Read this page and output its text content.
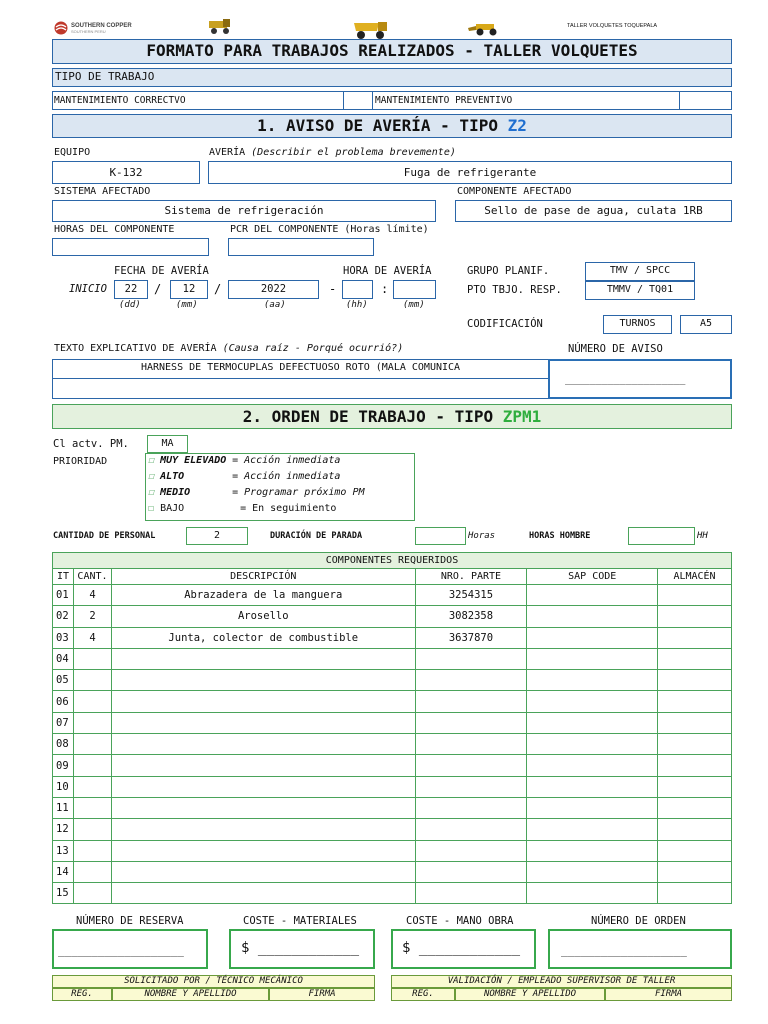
SOUTHERN COPPER
SOUTHERN PERU
TALLER VOLQUETES TOQUEPALA
FORMATO PARA TRABAJOS REALIZADOS - TALLER VOLQUETES
TIPO DE TRABAJO
MANTENIMIENTO CORRECTVO	MANTENIMIENTO PREVENTIVO
1. AVISO DE AVERÍA - TIPO Z2
EQUIPO	AVERÍA (Describir el problema brevemente)
K-132	Fuga de refrigerante
SISTEMA AFECTADO	COMPONENTE AFECTADO
Sistema de refrigeración	Sello de pase de agua, culata 1RB
HORAS DEL COMPONENTE	PCR DEL COMPONENTE (Horas límite)
FECHA DE AVERÍA	HORA DE AVERÍA
INICIO	22	/	12	/	2022	-	:
(dd)	(mm)	(aa)	(hh)	(mm)
GRUPO PLANIF.	TMV / SPCC
PTO TBJO. RESP.	TMMV / TQ01
CODIFICACIÓN	TURNOS	A5
TEXTO EXPLICATIVO DE AVERÍA (Causa raíz - Porqué ocurrió?)	NÚMERO DE AVISO
HARNESS DE TERMOCUPLAS DEFECTUOSO ROTO (MALA COMUNICA
____________________
2. ORDEN DE TRABAJO - TIPO ZPM1
Cl actv. PM.	MA
PRIORIDAD	☐ MUY ELEVADO = Acción inmediata
☐ ALTO	= Acción inmediata
☐ MEDIO	= Programar próximo PM
☐ BAJO	= En seguimiento
CANTIDAD DE PERSONAL	2	DURACIÓN DE PARADA	Horas	HORAS HOMBRE	HH
COMPONENTES REQUERIDOS					
IT	CANT.	DESCRIPCIÓN	NRO. PARTE	SAP CODE	ALMACÉN
01	4	Abrazadera de la manguera	3254315		
02	2	Arosello	3082358		
03	4	Junta, colector de combustible	3637870		
04					
05					
06					
07					
08					
09					
10					
11					
12					
13					
14					
15					
NÚMERO DE RESERVA	COSTE - MATERIALES	COSTE - MANO OBRA	NÚMERO DE ORDEN
___________________	$ ____________	$ ____________	___________________
SOLICITADO POR / TÉCNICO MECÁNICO
REG.	NOMBRE Y APELLIDO	FIRMA
VALIDACIÓN / EMPLEADO SUPERVISOR DE TALLER
REG.	NOMBRE Y APELLIDO	FIRMA
